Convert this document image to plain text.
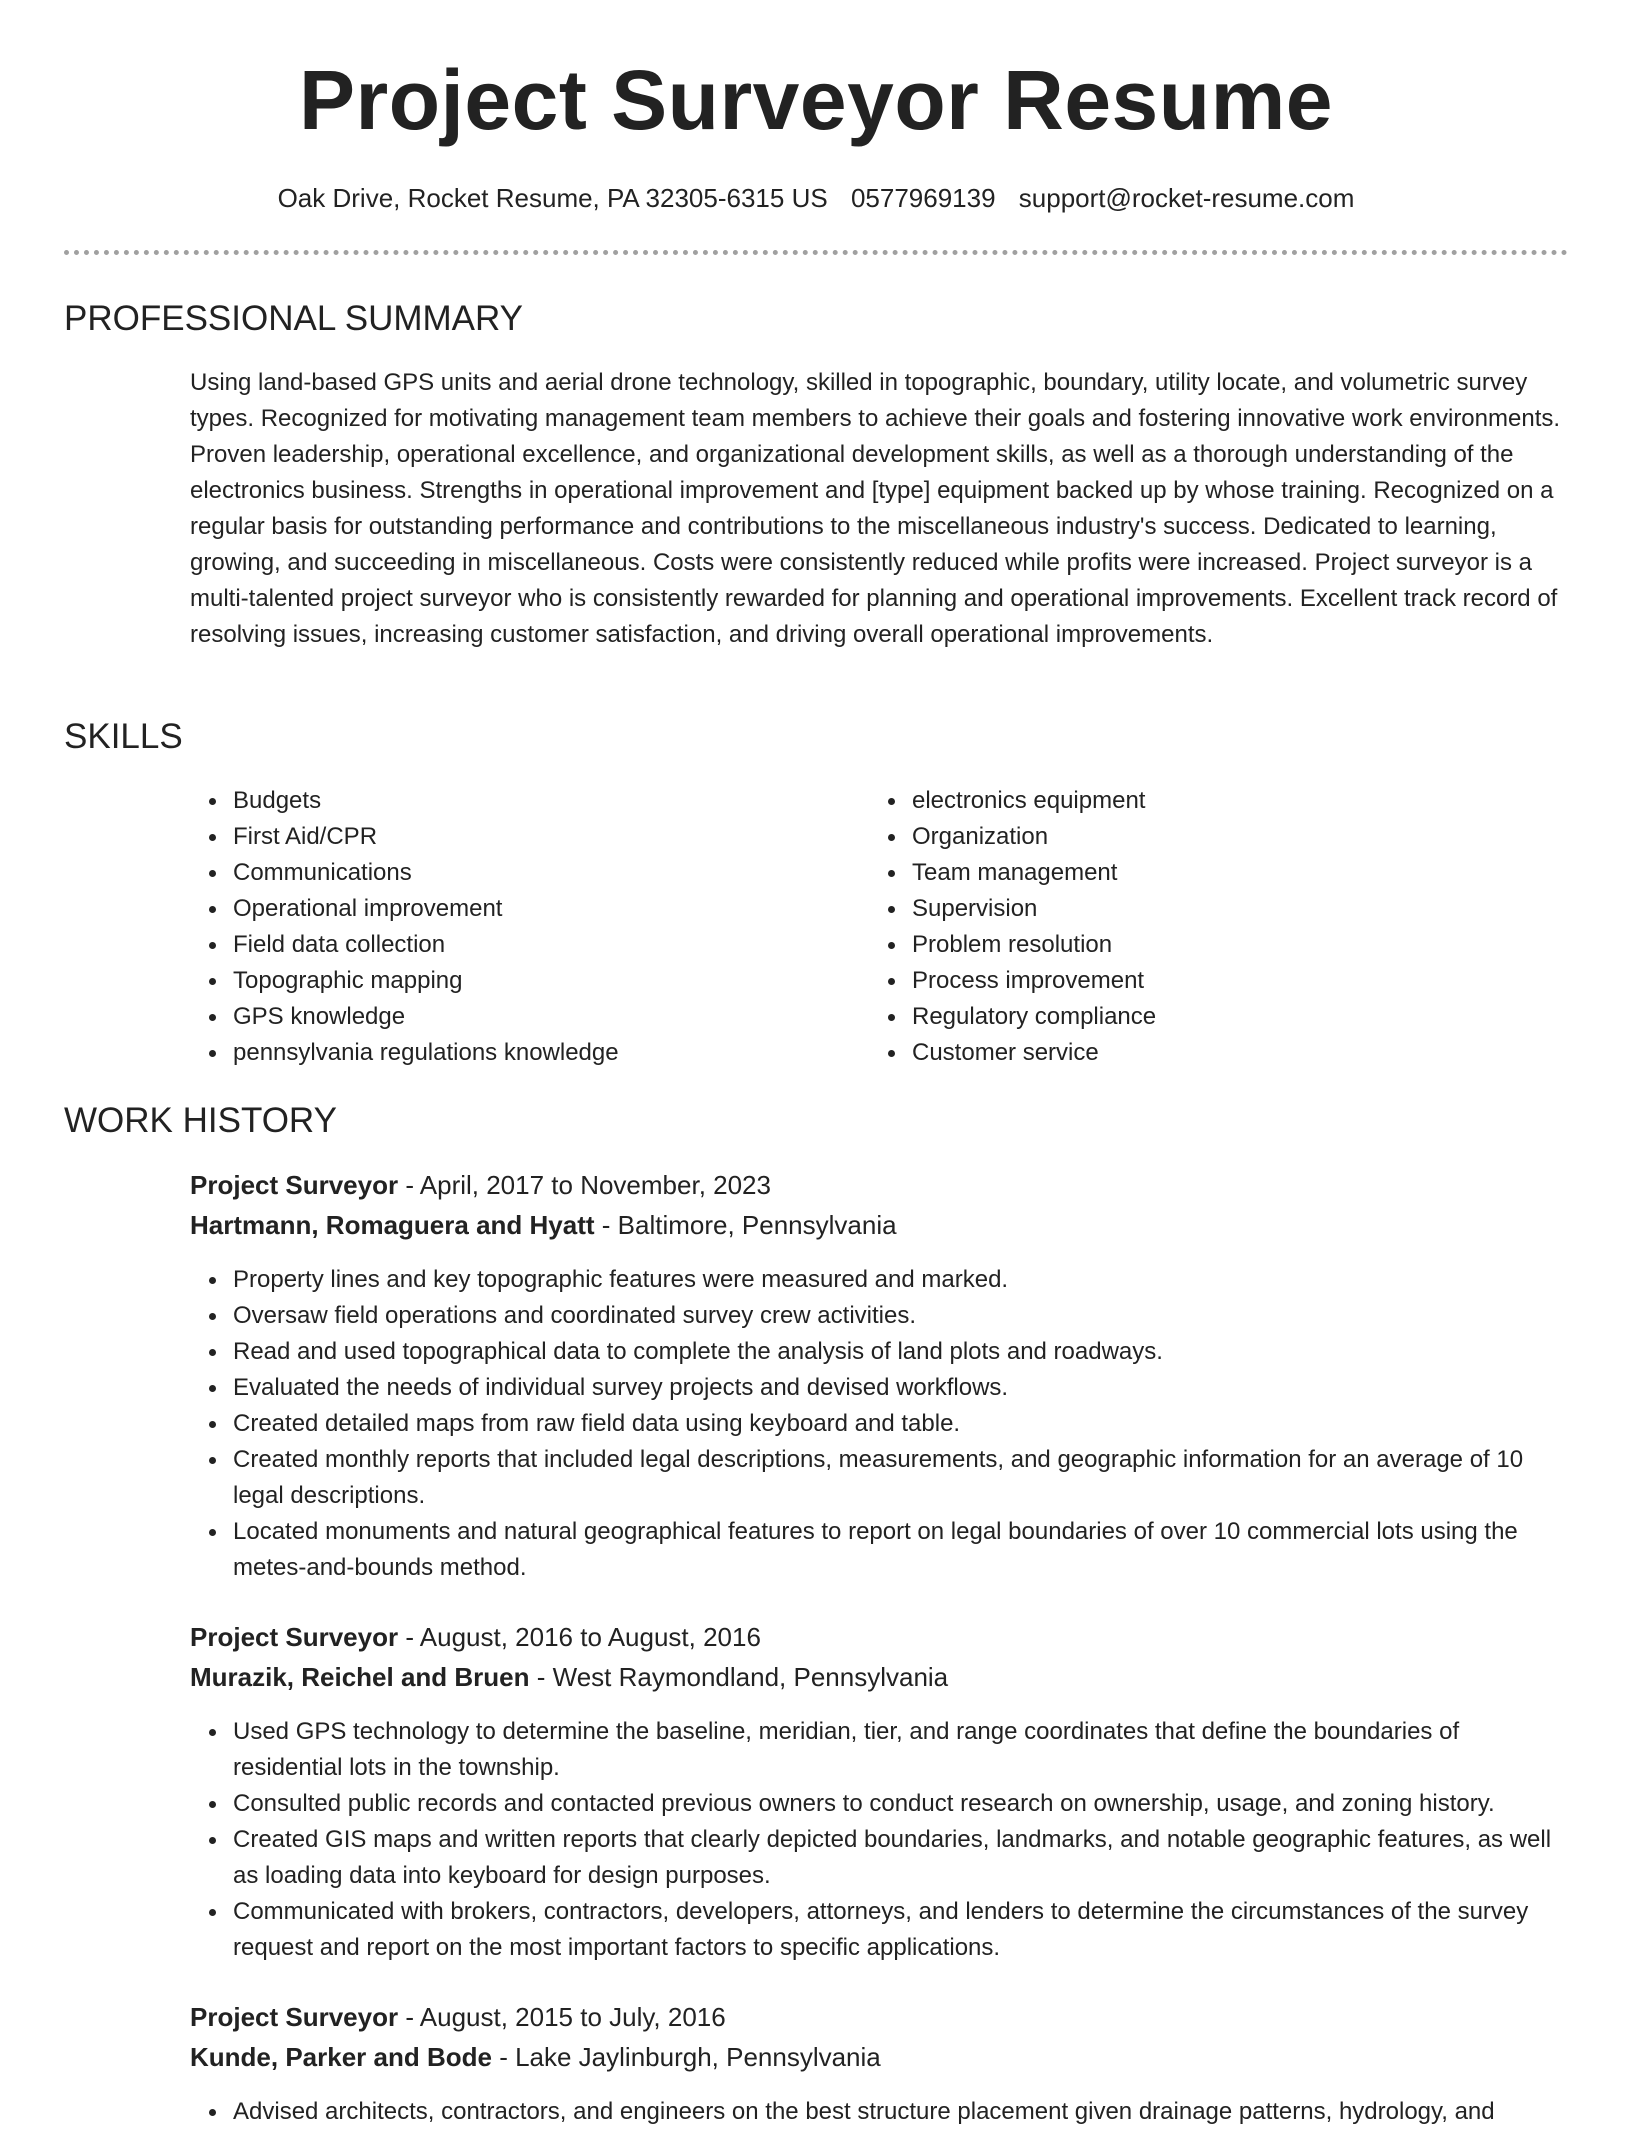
Project Surveyor Resume
Oak Drive, Rocket Resume, PA 32305-6315 US 0577969139 support@rocket-resume.com
PROFESSIONAL SUMMARY

Using land-based GPS units and aerial drone technology, skilled in topographic, boundary, utility locate, and volumetric survey types. Recognized for motivating management team members to achieve their goals and fostering innovative work environments. Proven leadership, operational excellence, and organizational development skills, as well as a thorough understanding of the electronics business. Strengths in operational improvement and [type] equipment backed up by whose training. Recognized on a regular basis for outstanding performance and contributions to the miscellaneous industry's success. Dedicated to learning, growing, and succeeding in miscellaneous. Costs were consistently reduced while profits were increased. Project surveyor is a multi-talented project surveyor who is consistently rewarded for planning and operational improvements. Excellent track record of resolving issues, increasing customer satisfaction, and driving overall operational improvements.

SKILLS
Budgets
First Aid/CPR
Communications
Operational improvement
Field data collection
Topographic mapping
GPS knowledge
pennsylvania regulations knowledge
electronics equipment
Organization
Team management
Supervision
Problem resolution
Process improvement
Regulatory compliance
Customer service
WORK HISTORY
Project Surveyor - April, 2017 to November, 2023
Hartmann, Romaguera and Hyatt - Baltimore, Pennsylvania
Property lines and key topographic features were measured and marked.
Oversaw field operations and coordinated survey crew activities.
Read and used topographical data to complete the analysis of land plots and roadways.
Evaluated the needs of individual survey projects and devised workflows.
Created detailed maps from raw field data using keyboard and table.
Created monthly reports that included legal descriptions, measurements, and geographic information for an average of 10 legal descriptions.
Located monuments and natural geographical features to report on legal boundaries of over 10 commercial lots using the metes-and-bounds method.
Project Surveyor - August, 2016 to August, 2016
Murazik, Reichel and Bruen - West Raymondland, Pennsylvania
Used GPS technology to determine the baseline, meridian, tier, and range coordinates that define the boundaries of residential lots in the township.
Consulted public records and contacted previous owners to conduct research on ownership, usage, and zoning history.
Created GIS maps and written reports that clearly depicted boundaries, landmarks, and notable geographic features, as well as loading data into keyboard for design purposes.
Communicated with brokers, contractors, developers, attorneys, and lenders to determine the circumstances of the survey request and report on the most important factors to specific applications.
Project Surveyor - August, 2015 to July, 2016
Kunde, Parker and Bode - Lake Jaylinburgh, Pennsylvania
Advised architects, contractors, and engineers on the best structure placement given drainage patterns, hydrology, and
